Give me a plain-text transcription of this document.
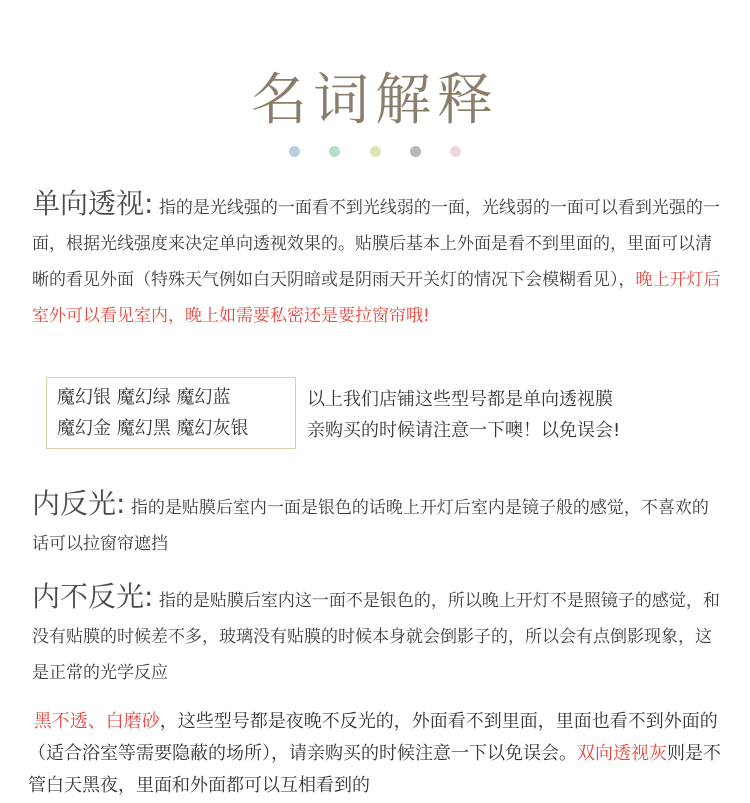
名词解释

单向透视: 指的是光线强的一面看不到光线弱的一面，光线弱的一面可以看到光强的一面，根据光线强度来决定单向透视效果的。贴膜后基本上外面是看不到里面的，里面可以清晰的看见外面（特殊天气例如白天阴暗或是阴雨天开关灯的情况下会模糊看见），晚上开灯后室外可以看见室内，晚上如需要私密还是要拉窗帘哦!
魔幻银 魔幻绿 魔幻蓝
魔幻金 魔幻黑 魔幻灰银
以上我们店铺这些型号都是单向透视膜
亲购买的时候请注意一下噢！以免误会!
内反光: 指的是贴膜后室内一面是银色的话晚上开灯后室内是镜子般的感觉，不喜欢的话可以拉窗帘遮挡
内不反光: 指的是贴膜后室内这一面不是银色的，所以晚上开灯不是照镜子的感觉，和没有贴膜的时候差不多，玻璃没有贴膜的时候本身就会倒影子的，所以会有点倒影现象，这是正常的光学反应
黑不透、白磨砂，这些型号都是夜晚不反光的，外面看不到里面，里面也看不到外面的（适合浴室等需要隐蔽的场所），请亲购买的时候注意一下以免误会。双向透视灰则是不管白天黑夜，里面和外面都可以互相看到的
